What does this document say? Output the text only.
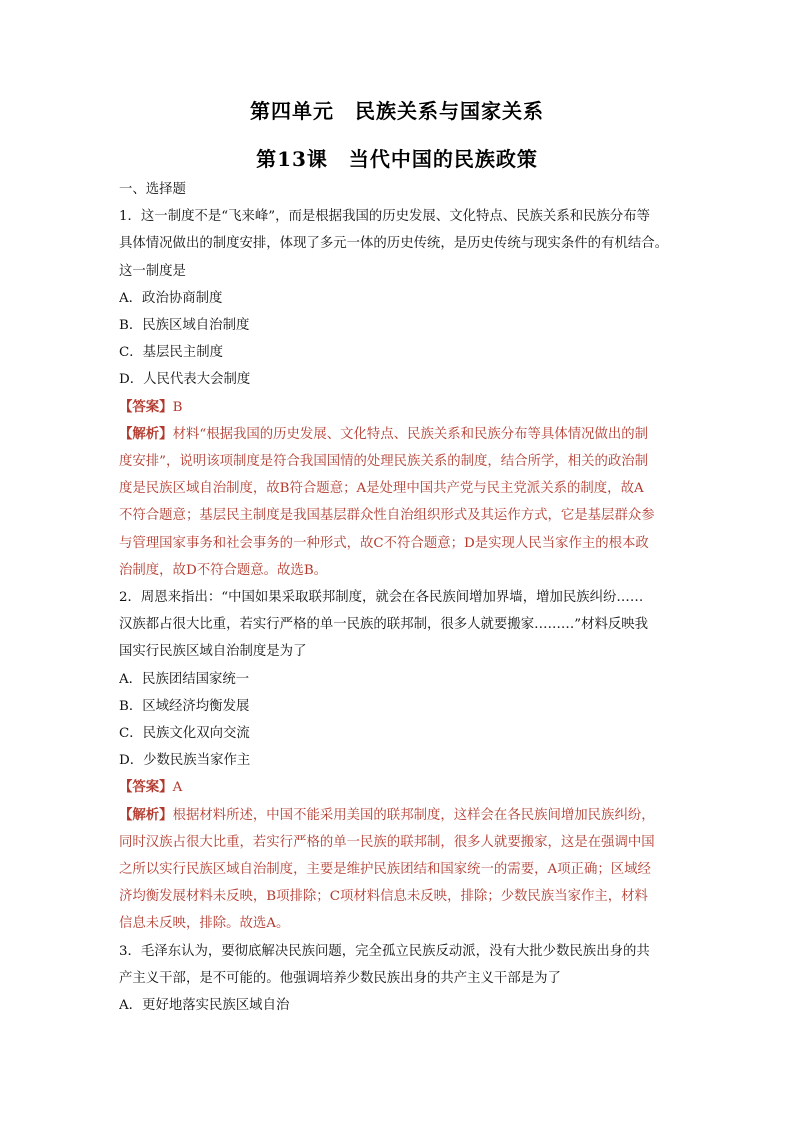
第四单元　民族关系与国家关系
第13课　当代中国的民族政策
一、选择题
1．这一制度不是“飞来峰”，而是根据我国的历史发展、文化特点、民族关系和民族分布等
具体情况做出的制度安排，体现了多元一体的历史传统，是历史传统与现实条件的有机结合。
这一制度是
A．政治协商制度
B．民族区域自治制度
C．基层民主制度
D．人民代表大会制度
【答案】B
【解析】材料“根据我国的历史发展、文化特点、民族关系和民族分布等具体情况做出的制
度安排”，说明该项制度是符合我国国情的处理民族关系的制度，结合所学，相关的政治制
度是民族区域自治制度，故B符合题意；A是处理中国共产党与民主党派关系的制度，故A
不符合题意；基层民主制度是我国基层群众性自治组织形式及其运作方式，它是基层群众参
与管理国家事务和社会事务的一种形式，故C不符合题意；D是实现人民当家作主的根本政
治制度，故D不符合题意。故选B。
2．周恩来指出：“中国如果采取联邦制度，就会在各民族间增加界墙，增加民族纠纷……
汉族都占很大比重，若实行严格的单一民族的联邦制，很多人就要搬家………”材料反映我
国实行民族区域自治制度是为了
A．民族团结国家统一
B．区域经济均衡发展
C．民族文化双向交流
D．少数民族当家作主
【答案】A
【解析】根据材料所述，中国不能采用美国的联邦制度，这样会在各民族间增加民族纠纷，
同时汉族占很大比重，若实行严格的单一民族的联邦制，很多人就要搬家，这是在强调中国
之所以实行民族区域自治制度，主要是维护民族团结和国家统一的需要，A项正确；区域经
济均衡发展材料未反映，B项排除；C项材料信息未反映，排除；少数民族当家作主，材料
信息未反映，排除。故选A。
3．毛泽东认为，要彻底解决民族问题，完全孤立民族反动派，没有大批少数民族出身的共
产主义干部，是不可能的。他强调培养少数民族出身的共产主义干部是为了
A．更好地落实民族区域自治
